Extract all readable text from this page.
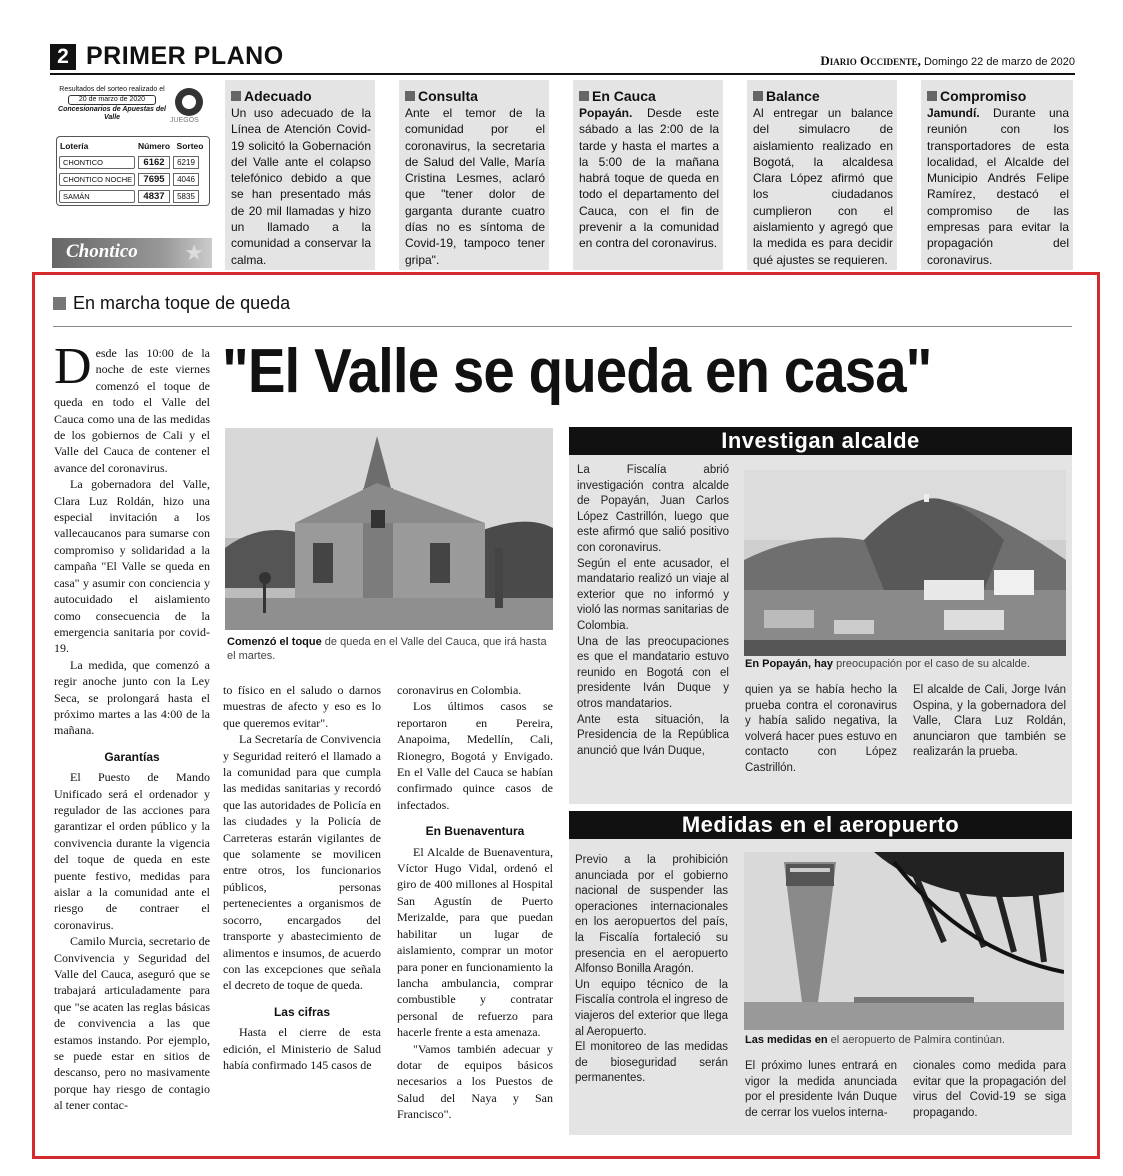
2 PRIMER PLANO	Diario Occidente, Domingo 22 de marzo de 2020
Resultados del sorteo realizado el
20 de marzo de 2020
Concesionarios de Apuestas del Valle	JUEGOS
Lotería	Número Sorteo
CHONTICO	6162	6219
CHONTICO NOCHE	7695	4046
SAMÁN	4837	5835
Chontico ★
Adecuado

Un uso adecuado de la Línea de Atención Covid-19 solicitó la Gobernación del Valle ante el colapso telefónico debido a que se han presentado más de 20 mil llamadas y hizo un llamado a la comunidad a conservar la calma.

Consulta

Ante el temor de la comunidad por el coronavirus, la secretaria de Salud del Valle, María Cristina Lesmes, aclaró que "tener dolor de garganta durante cuatro días no es síntoma de Covid-19, tampoco tener gripa".

En Cauca

Popayán. Desde este sábado a las 2:00 de la tarde y hasta el martes a la 5:00 de la mañana habrá toque de queda en todo el departamento del Cauca, con el fin de prevenir a la comunidad en contra del coronavirus.

Balance

Al entregar un balance del simulacro de aislamiento realizado en Bogotá, la alcaldesa Clara López afirmó que los ciudadanos cumplieron con el aislamiento y agregó que la medida es para decidir qué ajustes se requieren.

Compromiso

Jamundí. Durante una reunión con los transportadores de esta localidad, el Alcalde del Municipio Andrés Felipe Ramírez, destacó el compromiso de las empresas para evitar la propagación del coronavirus.

En marcha toque de queda
"El Valle se queda en casa"

Desde las 10:00 de la noche de este viernes comenzó el toque de queda en todo el Valle del Cauca como una de las medidas de los gobiernos de Cali y el Valle del Cauca de contener el avance del coronavirus.

La gobernadora del Valle, Clara Luz Roldán, hizo una especial invitación a los vallecaucanos para sumarse con compromiso y solidaridad a la campaña "El Valle se queda en casa" y asumir con conciencia y autocuidado el aislamiento como consecuencia de la emergencia sanitaria por covid-19.

La medida, que comenzó a regir anoche junto con la Ley Seca, se prolongará hasta el próximo martes a las 4:00 de la mañana.

Garantías

El Puesto de Mando Unificado será el ordenador y regulador de las acciones para garantizar el orden público y la convivencia durante la vigencia del toque de queda en este puente festivo, medidas para aislar a la comunidad ante el riesgo de contraer el coronavirus.

Camilo Murcia, secretario de Convivencia y Seguridad del Valle del Cauca, aseguró que se trabajará articuladamente para que "se acaten las reglas básicas de convivencia a las que estamos instando. Por ejemplo, se puede estar en sitios de descanso, pero no masivamente porque hay riesgo de contagio al tener contac-

Comenzó el toque de queda en el Valle del Cauca, que irá hasta el martes.

to físico en el saludo o darnos muestras de afecto y eso es lo que queremos evitar".

La Secretaría de Convivencia y Seguridad reiteró el llamado a la comunidad para que cumpla las medidas sanitarias y recordó que las autoridades de Policía en las ciudades y la Policía de Carreteras estarán vigilantes de que solamente se movilicen entre otros, los funcionarios públicos, personas pertenecientes a organismos de socorro, encargados del transporte y abastecimiento de alimentos e insumos, de acuerdo con las excepciones que señala el decreto de toque de queda.

Las cifras

Hasta el cierre de esta edición, el Ministerio de Salud había confirmado 145 casos de

coronavirus en Colombia.

Los últimos casos se reportaron en Pereira, Anapoima, Medellín, Cali, Rionegro, Bogotá y Envigado. En el Valle del Cauca se habían confirmado quince casos de infectados.

En Buenaventura

El Alcalde de Buenaventura, Víctor Hugo Vidal, ordenó el giro de 400 millones al Hospital San Agustín de Puerto Merizalde, para que puedan habilitar un lugar de aislamiento, comprar un motor para poner en funcionamiento la lancha ambulancia, comprar combustible y contratar personal de refuerzo para hacerle frente a esta amenaza.

"Vamos también adecuar y dotar de equipos básicos necesarios a los Puestos de Salud del Naya y San Francisco".

Investigan alcalde
La Fiscalía abrió investigación contra alcalde de Popayán, Juan Carlos López Castrillón, luego que este afirmó que salió positivo con coronavirus.
Según el ente acusador, el mandatario realizó un viaje al exterior que no informó y violó las normas sanitarias de Colombia.
Una de las preocupaciones es que el mandatario estuvo reunido en Bogotá con el presidente Iván Duque y otros mandatarios.
Ante esta situación, la Presidencia de la República anunció que Iván Duque,
En Popayán, hay preocupación por el caso de su alcalde.
quien ya se había hecho la prueba contra el coronavirus y había salido negativa, la volverá hacer pues estuvo en contacto con López Castrillón.
El alcalde de Cali, Jorge Iván Ospina, y la gobernadora del Valle, Clara Luz Roldán, anunciaron que también se realizarán la prueba.
Medidas en el aeropuerto
Previo a la prohibición anunciada por el gobierno nacional de suspender las operaciones internacionales en los aeropuertos del país, la Fiscalía fortaleció su presencia en el aeropuerto Alfonso Bonilla Aragón.
Un equipo técnico de la Fiscalía controla el ingreso de viajeros del exterior que llega al Aeropuerto.
El monitoreo de las medidas de bioseguridad serán permanentes.
Las medidas en el aeropuerto de Palmira continúan.
El próximo lunes entrará en vigor la medida anunciada por el presidente Iván Duque de cerrar los vuelos interna-
cionales como medida para evitar que la propagación del virus del Covid-19 se siga propagando.
